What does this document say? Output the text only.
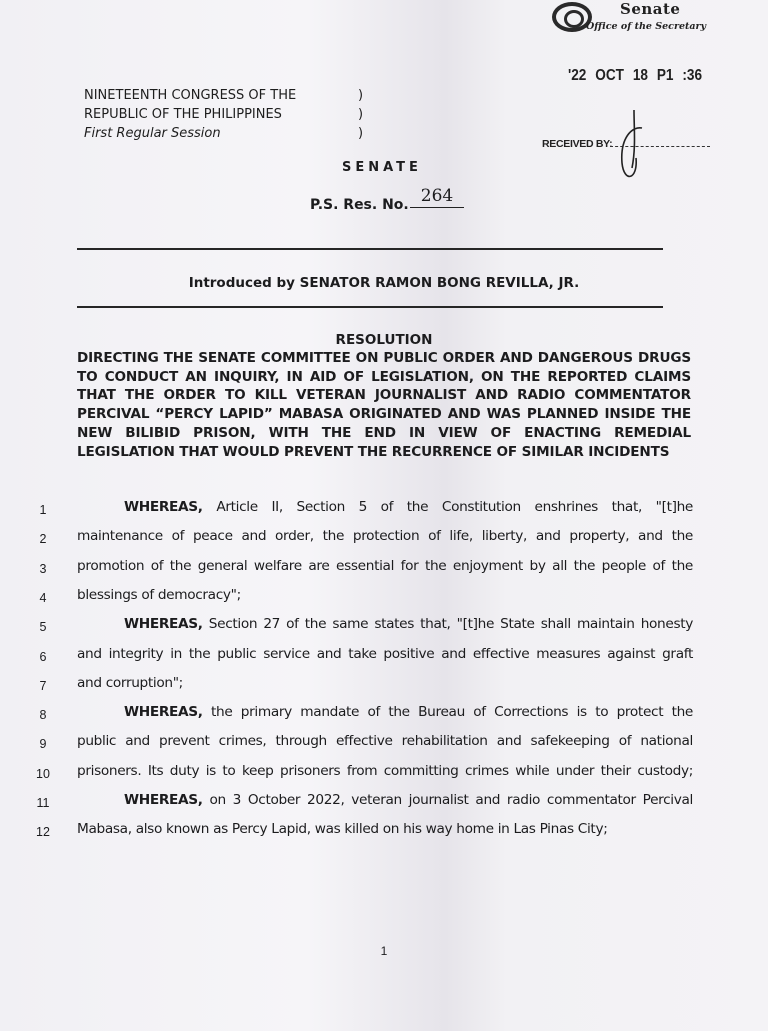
Senate
Office of the Secretary
'22 OCT 18 P1 :36
NINETEENTH CONGRESS OF THE
REPUBLIC OF THE PHILIPPINES
First Regular Session
)
)
)
RECEIVED BY:
SENATE
P.S. Res. No. 264
Introduced by SENATOR RAMON BONG REVILLA, JR.
RESOLUTION
DIRECTING THE SENATE COMMITTEE ON PUBLIC ORDER AND DANGEROUS DRUGS TO CONDUCT AN INQUIRY, IN AID OF LEGISLATION, ON THE REPORTED CLAIMS THAT THE ORDER TO KILL VETERAN JOURNALIST AND RADIO COMMENTATOR PERCIVAL “PERCY LAPID” MABASA ORIGINATED AND WAS PLANNED INSIDE THE NEW BILIBID PRISON, WITH THE END IN VIEW OF ENACTING REMEDIAL LEGISLATION THAT WOULD PREVENT THE RECURRENCE OF SIMILAR INCIDENTS
1	WHEREAS, Article II, Section 5 of the Constitution enshrines that, "[t]he
2	maintenance of peace and order, the protection of life, liberty, and property, and the
3	promotion of the general welfare are essential for the enjoyment by all the people of the
4	blessings of democracy";
5	WHEREAS, Section 27 of the same states that, "[t]he State shall maintain honesty
6	and integrity in the public service and take positive and effective measures against graft
7	and corruption";
8	WHEREAS, the primary mandate of the Bureau of Corrections is to protect the
9	public and prevent crimes, through effective rehabilitation and safekeeping of national
10	prisoners. Its duty is to keep prisoners from committing crimes while under their custody;
11	WHEREAS, on 3 October 2022, veteran journalist and radio commentator Percival
12	Mabasa, also known as Percy Lapid, was killed on his way home in Las Pinas City;
1
